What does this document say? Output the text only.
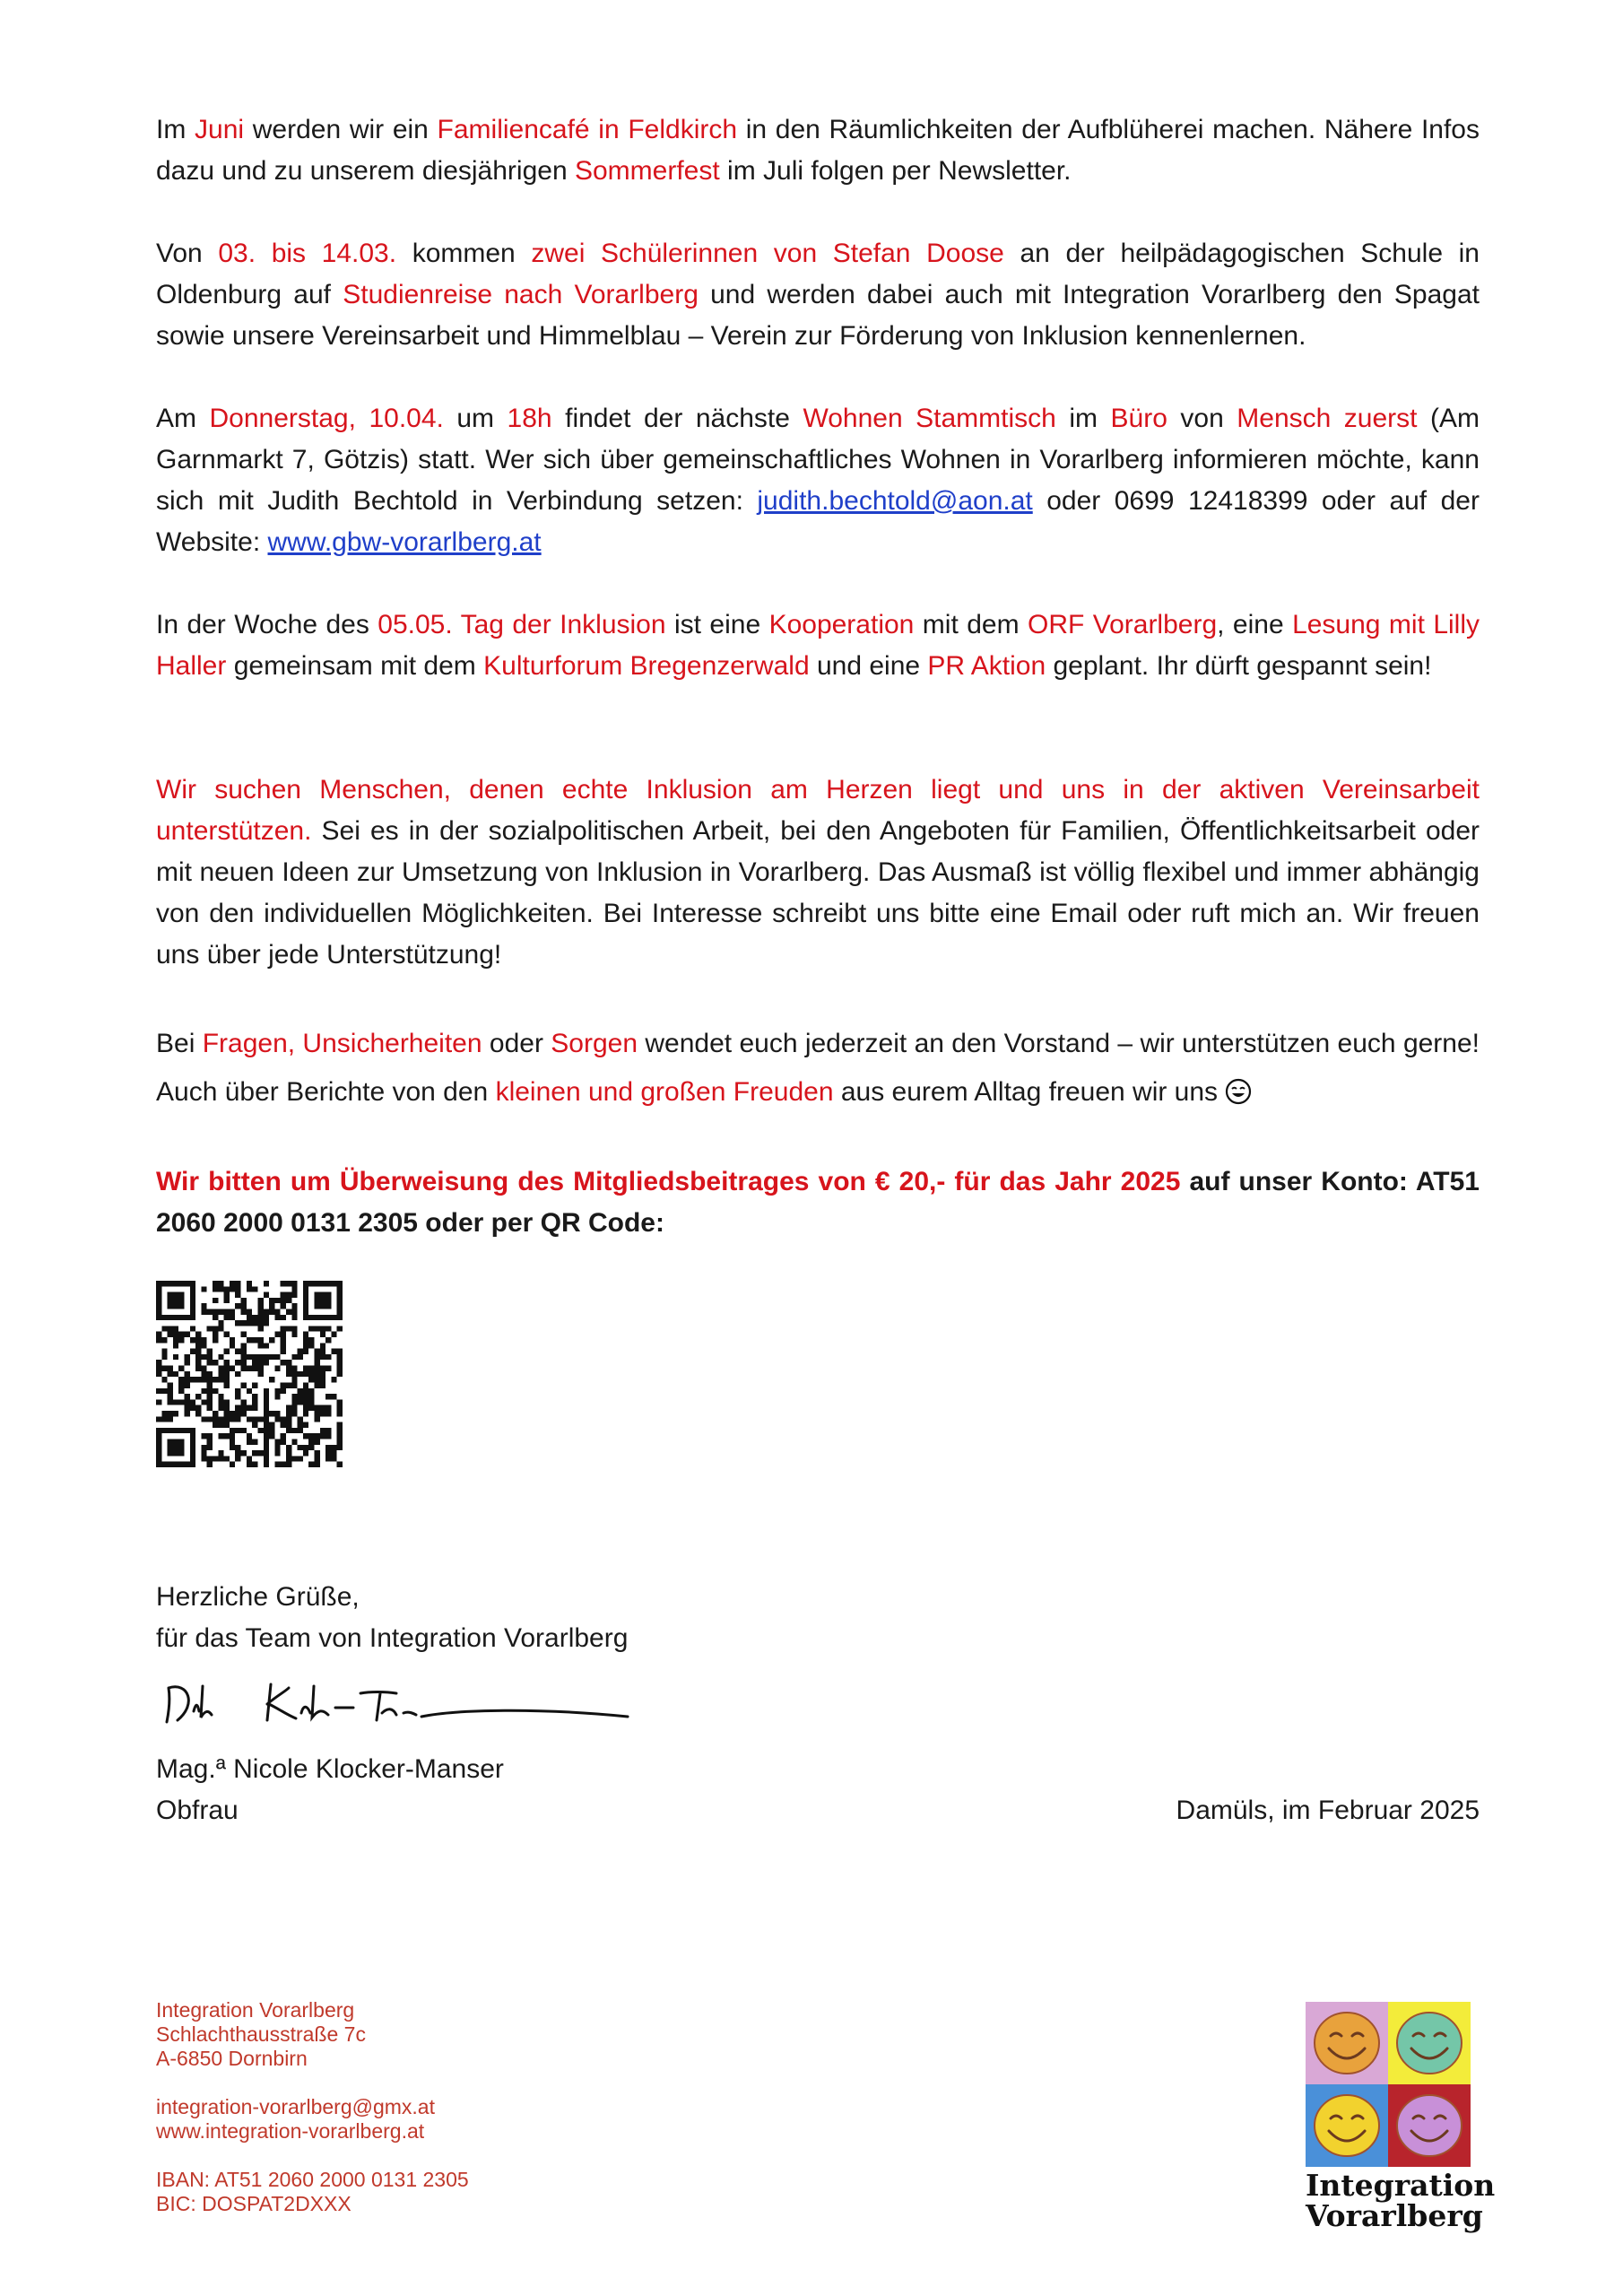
Im Juni werden wir ein Familiencafé in Feldkirch in den Räumlichkeiten der Aufblüherei machen. Nähere Infos dazu und zu unserem diesjährigen Sommerfest im Juli folgen per Newsletter.

Von 03. bis 14.03. kommen zwei Schülerinnen von Stefan Doose an der heilpädagogischen Schule in Oldenburg auf Studienreise nach Vorarlberg und werden dabei auch mit Integration Vorarlberg den Spagat sowie unsere Vereinsarbeit und Himmelblau – Verein zur Förderung von Inklusion kennenlernen.

Am Donnerstag, 10.04. um 18h findet der nächste Wohnen Stammtisch im Büro von Mensch zuerst (Am Garnmarkt 7, Götzis) statt. Wer sich über gemeinschaftliches Wohnen in Vorarlberg informieren möchte, kann sich mit Judith Bechtold in Verbindung setzen: judith.bechtold@aon.at oder 0699 12418399 oder auf der Website: www.gbw-vorarlberg.at

In der Woche des 05.05. Tag der Inklusion ist eine Kooperation mit dem ORF Vorarlberg, eine Lesung mit Lilly Haller gemeinsam mit dem Kulturforum Bregenzerwald und eine PR Aktion geplant. Ihr dürft gespannt sein!

Wir suchen Menschen, denen echte Inklusion am Herzen liegt und uns in der aktiven Vereinsarbeit unterstützen. Sei es in der sozialpolitischen Arbeit, bei den Angeboten für Familien, Öffentlichkeitsarbeit oder mit neuen Ideen zur Umsetzung von Inklusion in Vorarlberg. Das Ausmaß ist völlig flexibel und immer abhängig von den individuellen Möglichkeiten. Bei Interesse schreibt uns bitte eine Email oder ruft mich an. Wir freuen uns über jede Unterstützung!

Bei Fragen, Unsicherheiten oder Sorgen wendet euch jederzeit an den Vorstand – wir unterstützen euch gerne! Auch über Berichte von den kleinen und großen Freuden aus eurem Alltag freuen wir uns

Wir bitten um Überweisung des Mitgliedsbeitrages von € 20,- für das Jahr 2025 auf unser Konto: AT51 2060 2000 0131 2305 oder per QR Code:

Herzliche Grüße,
für das Team von Integration Vorarlberg
Mag.ª Nicole Klocker-Manser
Obfrau	Damüls, im Februar 2025
Integration Vorarlberg
Schlachthausstraße 7c
A-6850 Dornbirn
integration-vorarlberg@gmx.at
www.integration-vorarlberg.at
IBAN: AT51 2060 2000 0131 2305
BIC: DOSPAT2DXXX
Integration
Vorarlberg
